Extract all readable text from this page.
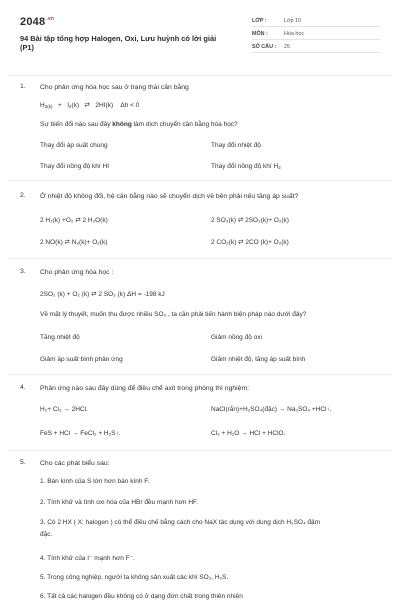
$2048^{.vn}$
94 Bài tập tổng hợp Halogen, Oxi, Lưu huỳnh có lời giải (P1)
LỚP :	Lớp 10
MÔN :	Hóa học
SỐ CÂU :	25
1. Cho phản ứng hóa học sau ở trạng thái cân bằng
$H_{2(k)} + I_2(k)$ ⇄ 2HI(k) Δh < 0
Sự biến đổi nào sau đây không làm dịch chuyển cân bằng hóa học?
Thay đổi áp suất chung	Thay đổi nhiệt độ
Thay đổi nồng độ khí HI	Thay đổi nồng độ khí $H_2$
2. Ở nhiệt độ không đổi, hệ cân bằng nào sẽ chuyển dịch về bên phải nếu tăng áp suất?
2 H₂(k) +O₂ ⇄ 2 H₂O(k)	2 SO₃(k) ⇄ 2SO₂(k)+ O₂(k)
2 NO(k) ⇄ N₂(k)+ O₂(k)	2 CO₂(k) ⇄ 2CO (k)+ O₂(k)
3. Cho phản ứng hóa học :
2SO₂ (k) + O₂ (k) ⇄ 2 SO₃ (k) ΔH = -198 kJ
Về mặt lý thuyết, muốn thu được nhiều SO₃ , ta cần phải tiến hành biện pháp nào dưới đây?
Tăng nhiệt độ	Giảm nồng độ oxi
Giảm áp suất bình phản ứng	Giảm nhiệt độ, tăng áp suất bình
4. Phản ứng nào sau đây dùng để điều chế axit trong phòng thí nghiệm:
H₂+ Cl₂ → 2HCl.	NaCl(rắn)+H₂SO₄(đặc) → Na₂SO₄ +HCl↑.
FeS + HCl → FeCl₂ + H₂S↑.	Cl₂ + H₂O → HCl + HClO.
5. Cho các phát biểu sau:
1. Bán kính của S lớn hơn bán kính F.
2. Tính khử và tính oxi hóa của HBr đều mạnh hơn HF.
3. Có 2 HX ( X: halogen ) có thể điều chế bằng cách cho NaX tác dụng với dung dịch H₂SO₄ đậm
đặc.
4. Tính khử của I⁻ mạnh hơn F⁻.
5. Trong công nghiệp, người ta không sản xuất các khí SO₂, H₂S.
6. Tất cả các halogen đều không có ở dạng đơn chất trong thiên nhiên
